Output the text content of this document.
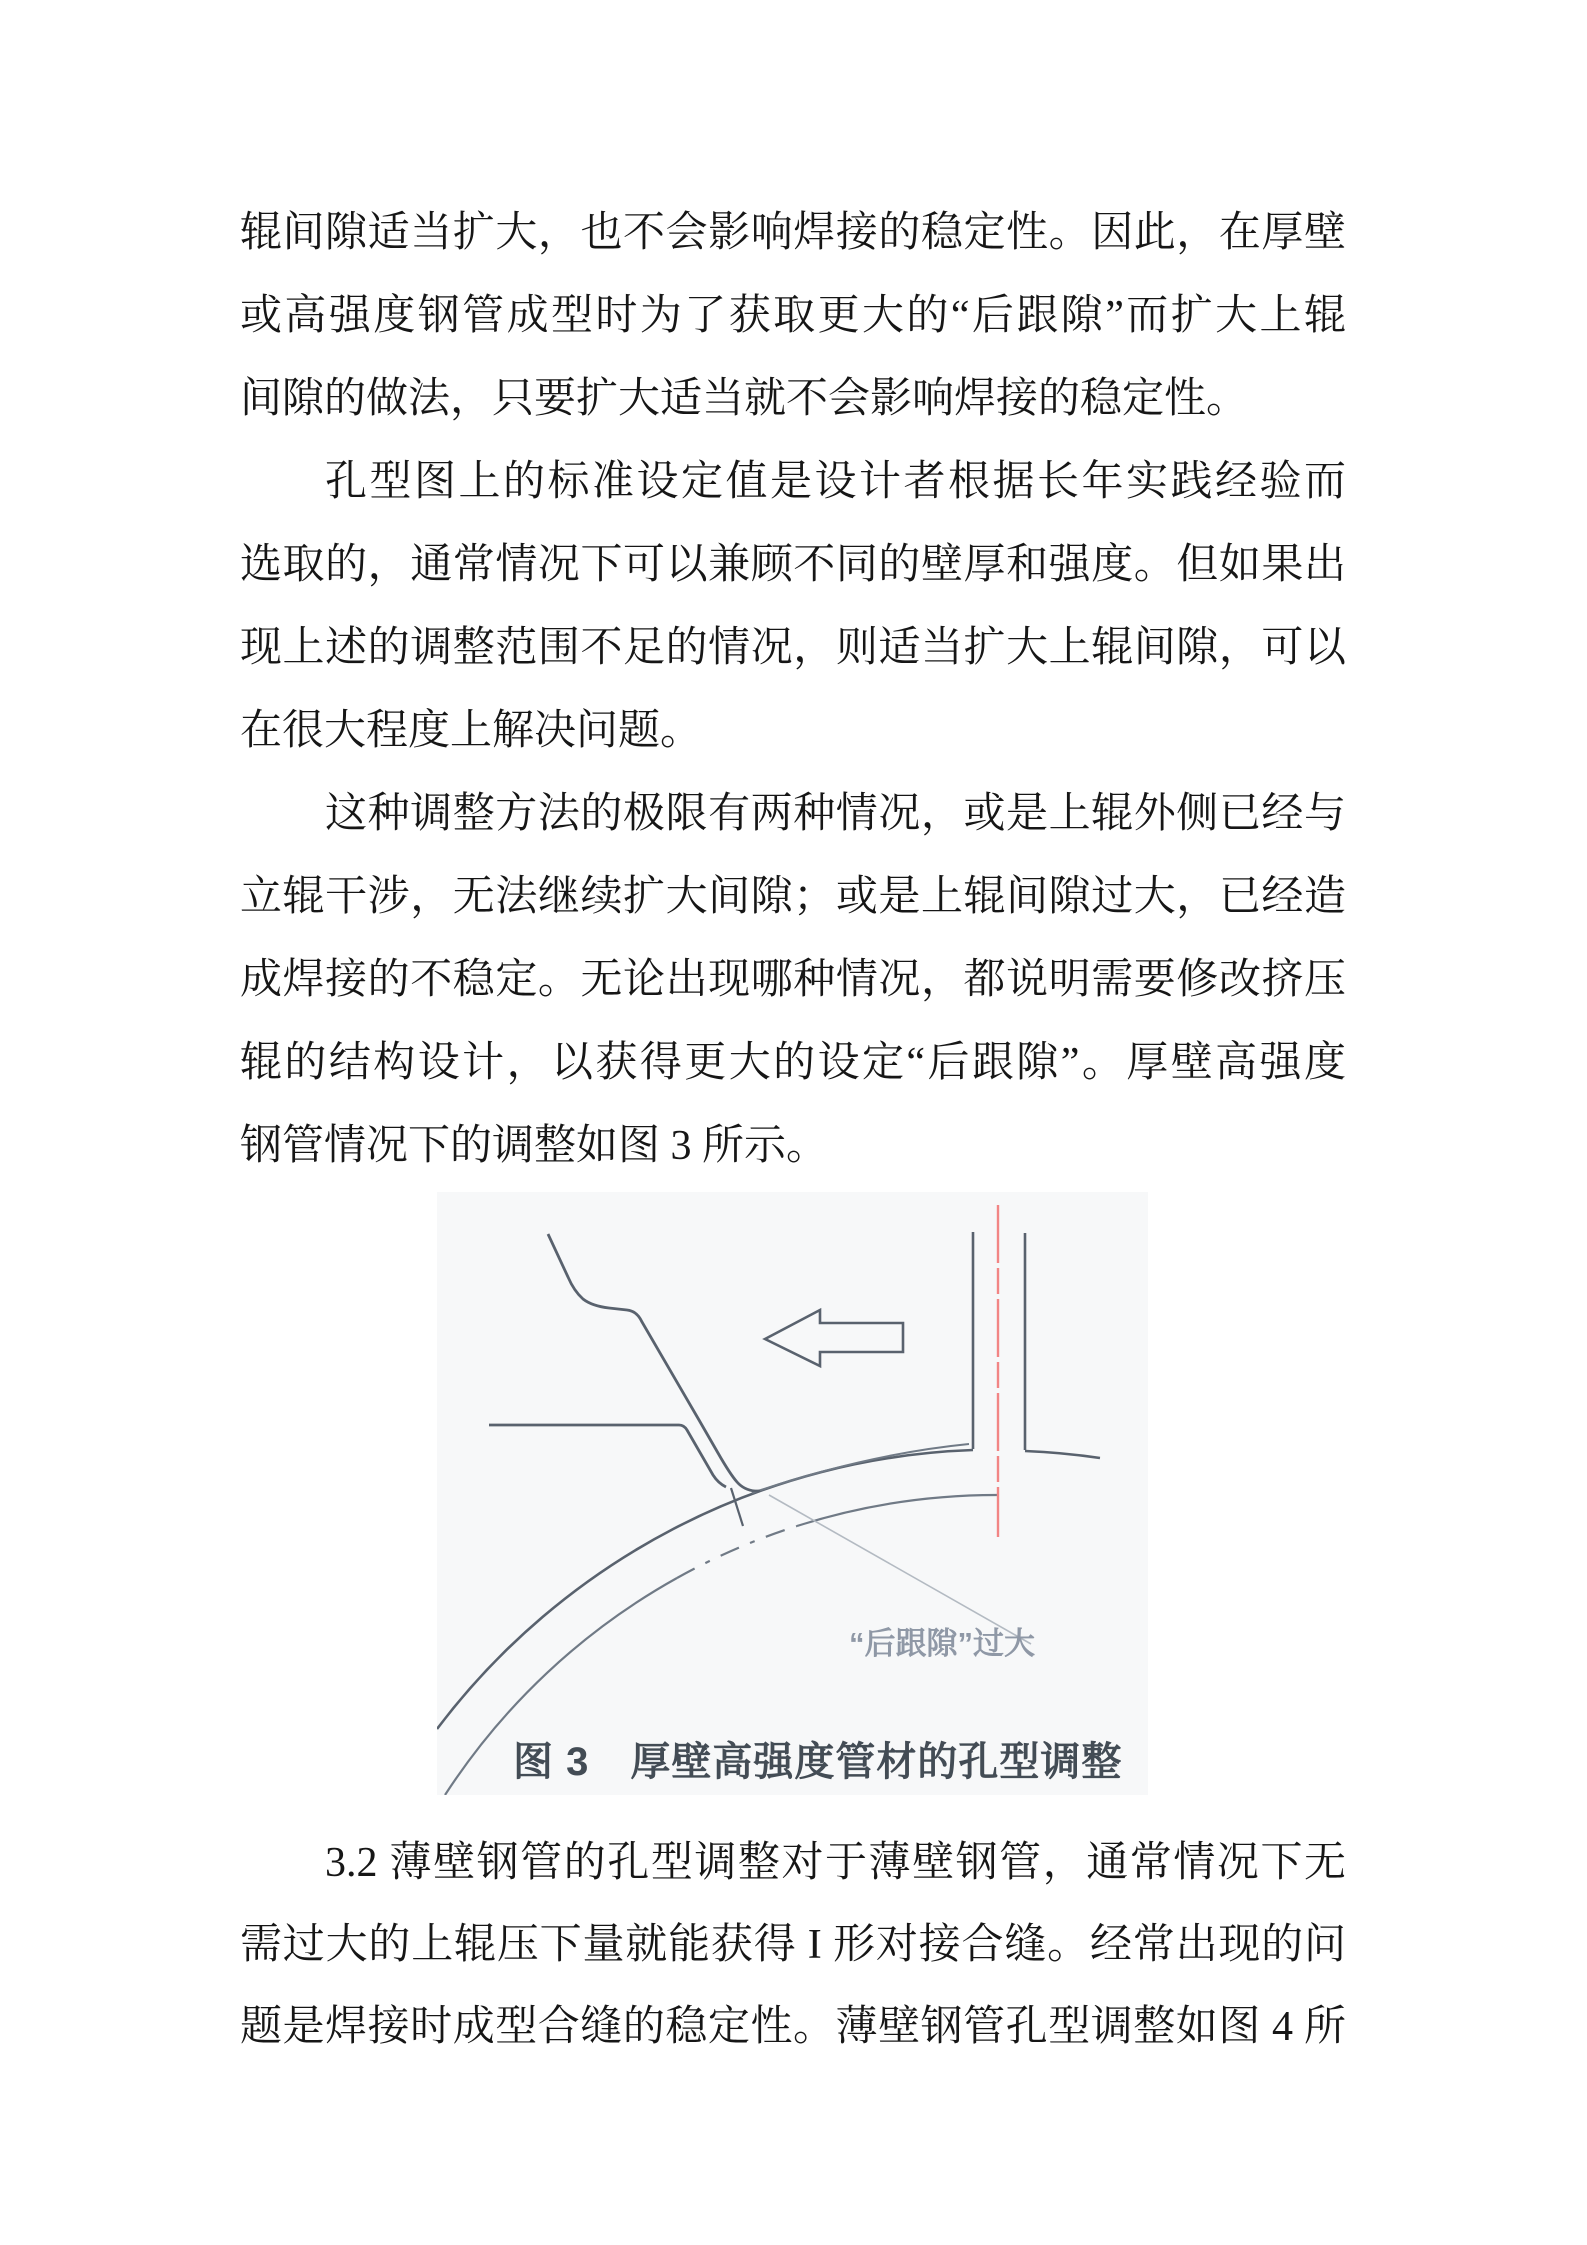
辊间隙适当扩大，也不会影响焊接的稳定性。因此，在厚壁
或高强度钢管成型时为了获取更大的“后跟隙”而扩大上辊
间隙的做法，只要扩大适当就不会影响焊接的稳定性。
孔型图上的标准设定值是设计者根据长年实践经验而
选取的，通常情况下可以兼顾不同的壁厚和强度。但如果出
现上述的调整范围不足的情况，则适当扩大上辊间隙，可以
在很大程度上解决问题。
这种调整方法的极限有两种情况，或是上辊外侧已经与
立辊干涉，无法继续扩大间隙；或是上辊间隙过大，已经造
成焊接的不稳定。无论出现哪种情况，都说明需要修改挤压
辊的结构设计，以获得更大的设定“后跟隙”。厚壁高强度
钢管情况下的调整如图 3 所示。
“后跟隙”过大
图 3　厚壁高强度管材的孔型调整
3.2 薄壁钢管的孔型调整对于薄壁钢管，通常情况下无
需过大的上辊压下量就能获得 I 形对接合缝。经常出现的问
题是焊接时成型合缝的稳定性。薄壁钢管孔型调整如图 4 所
